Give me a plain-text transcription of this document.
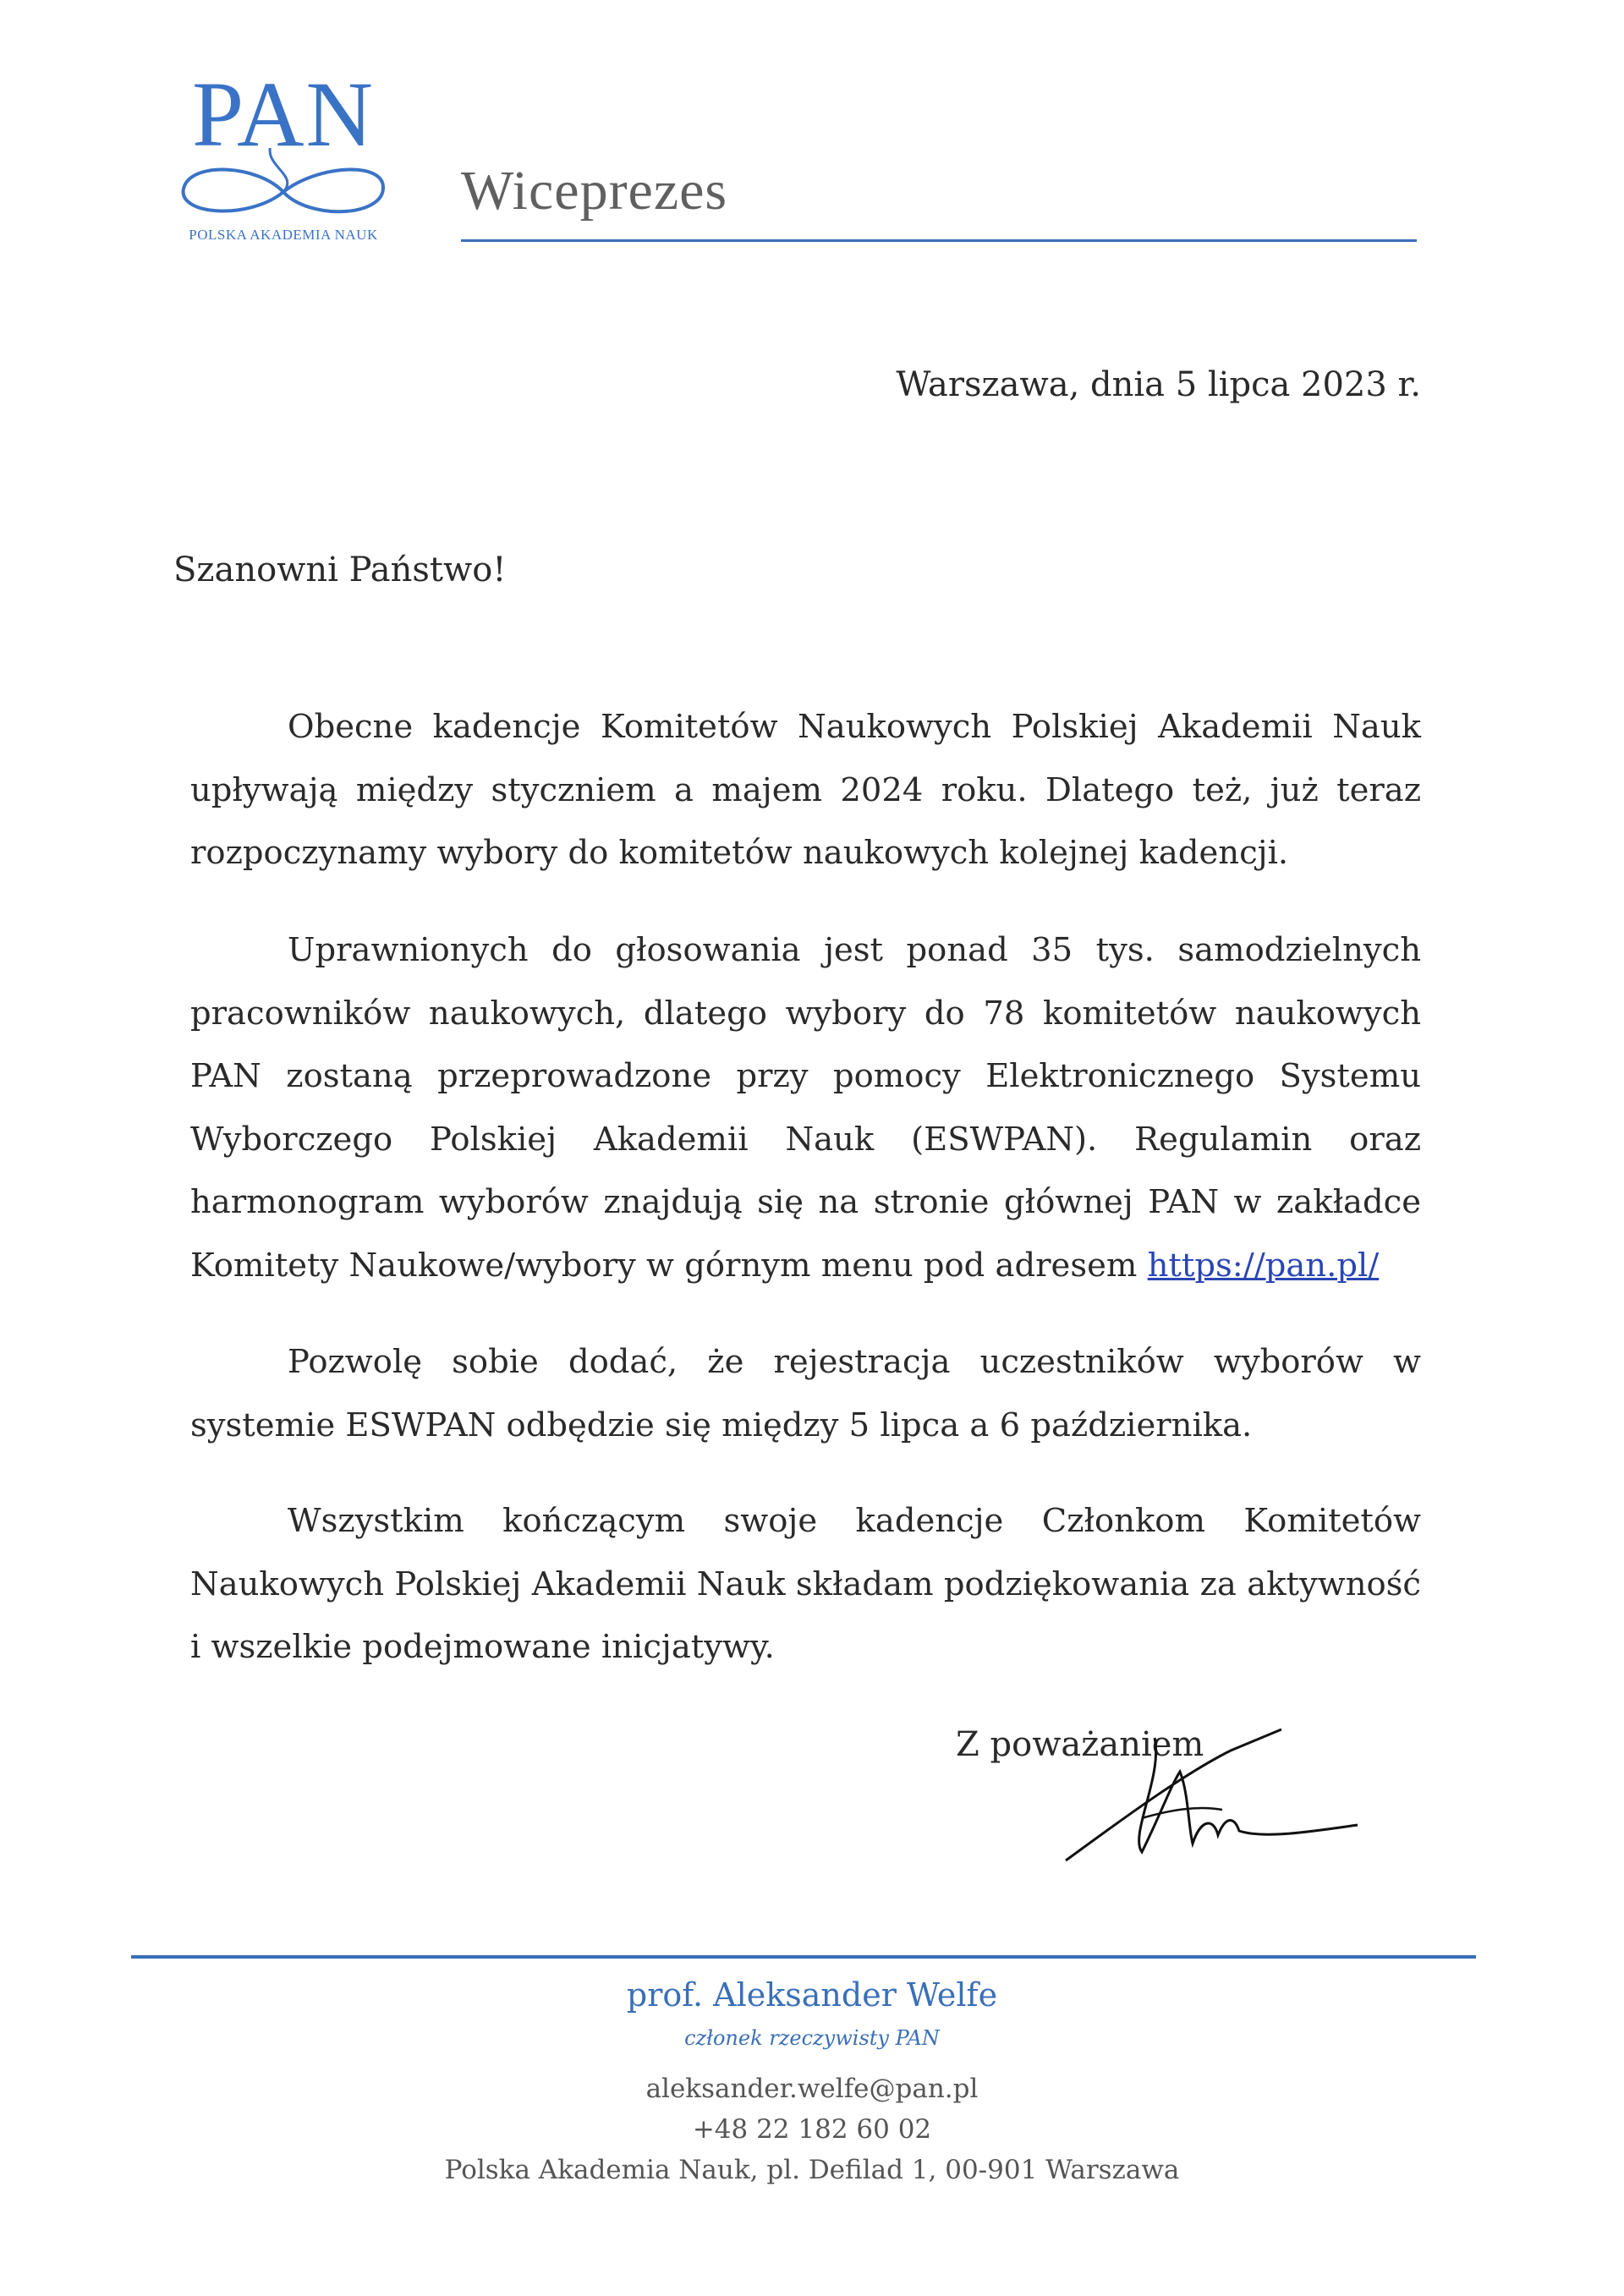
PAN
POLSKA AKADEMIA NAUK
Wiceprezes
Warszawa, dnia 5 lipca 2023 r.
Szanowni Państwo!

Obecne kadencje Komitetów Naukowych Polskiej Akademii Nauk upływają między styczniem a majem 2024 roku. Dlatego też, już teraz rozpoczynamy wybory do komitetów naukowych kolejnej kadencji.

Uprawnionych do głosowania jest ponad 35 tys. samodzielnych pracowników naukowych, dlatego wybory do 78 komitetów naukowych PAN zostaną przeprowadzone przy pomocy Elektronicznego Systemu Wyborczego Polskiej Akademii Nauk (ESWPAN). Regulamin oraz harmonogram wyborów znajdują się na stronie głównej PAN w zakładce Komitety Naukowe/wybory w górnym menu pod adresem https://pan.pl/

Pozwolę sobie dodać, że rejestracja uczestników wyborów w systemie ESWPAN odbędzie się między 5 lipca a 6 października.

Wszystkim kończącym swoje kadencje Członkom Komitetów Naukowych Polskiej Akademii Nauk składam podziękowania za aktywność i wszelkie podejmowane inicjatywy.

Z poważaniem
prof. Aleksander Welfe
członek rzeczywisty PAN
aleksander.welfe@pan.pl
+48 22 182 60 02
Polska Akademia Nauk, pl. Defilad 1, 00-901 Warszawa
